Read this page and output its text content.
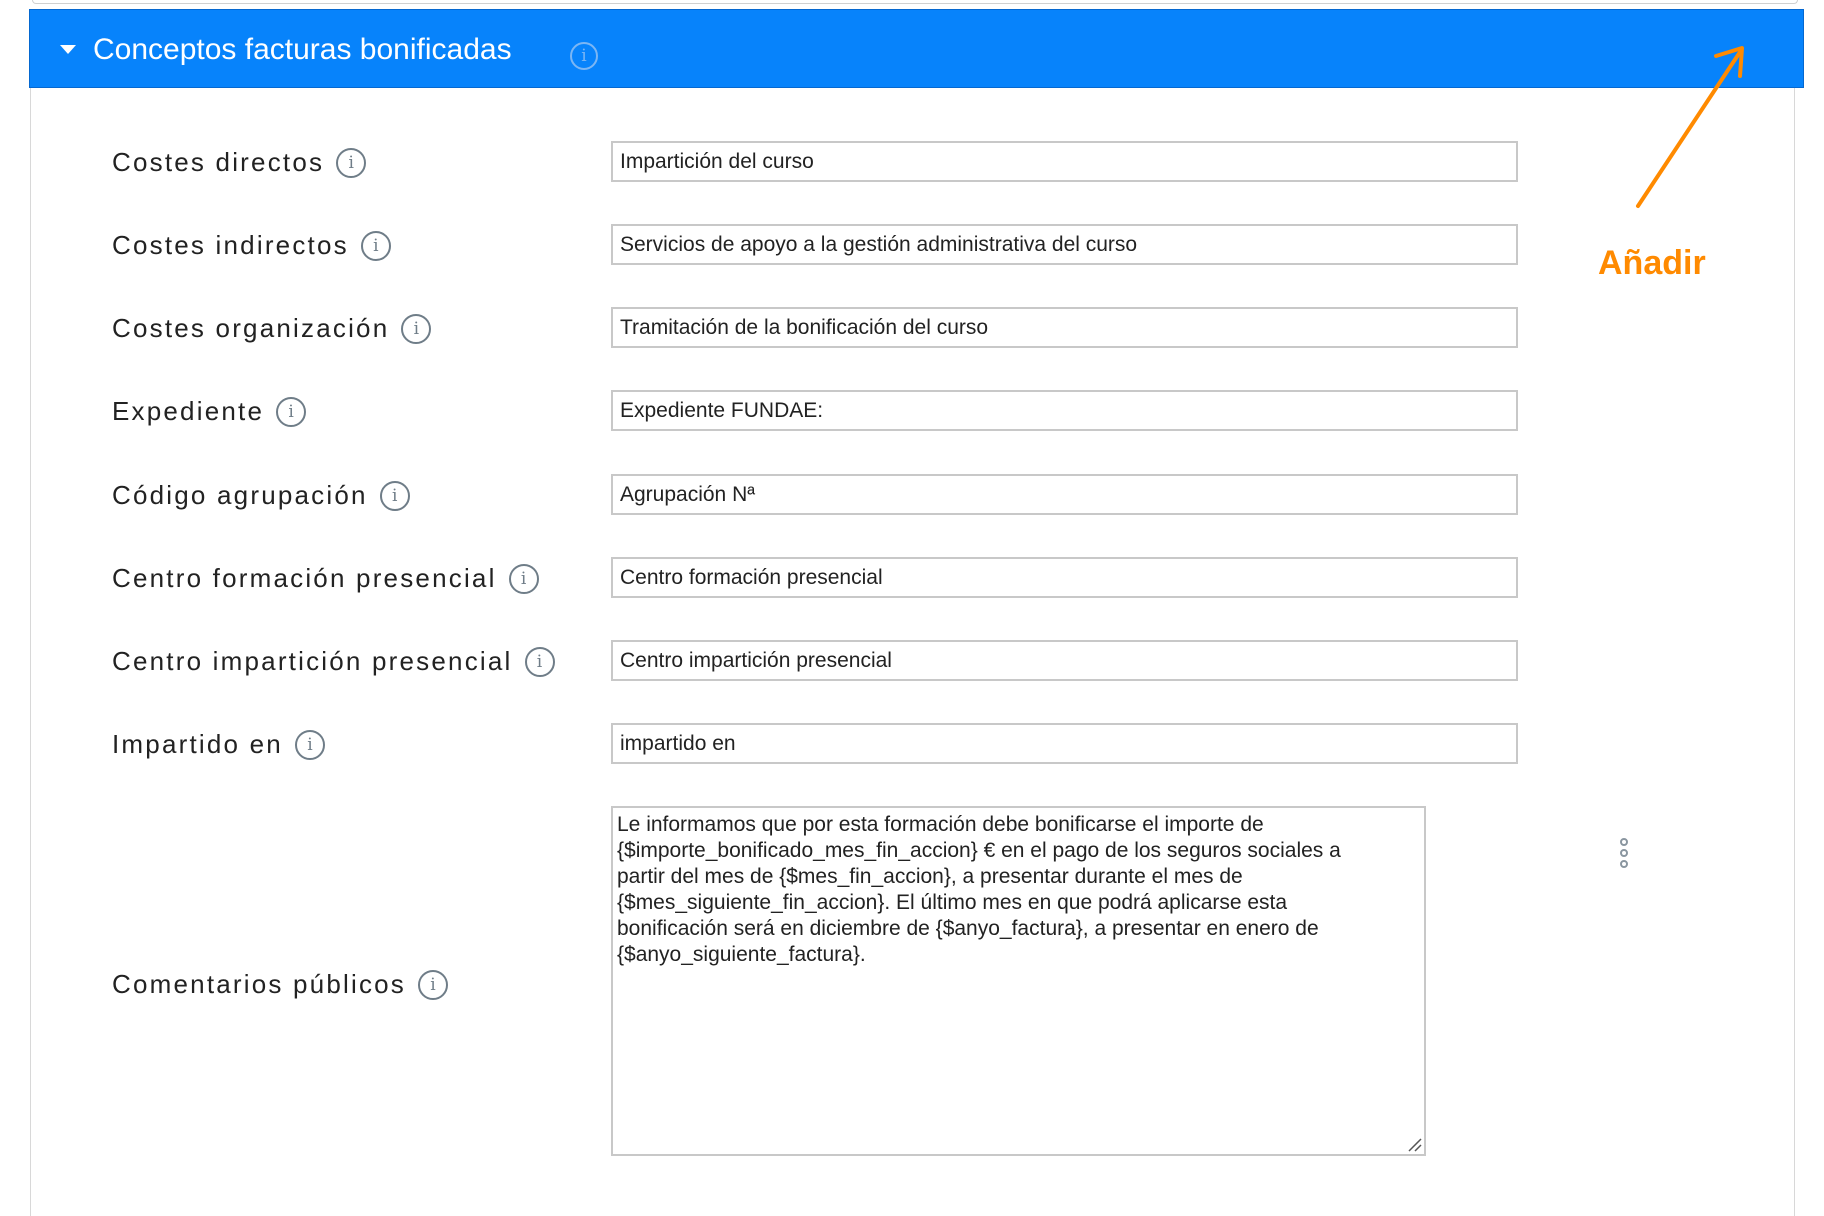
Conceptos facturas bonificadas	i
Costes directos	i	Impartición del curso
Costes indirectos	i	Servicios de apoyo a la gestión administrativa del curso
Costes organización	i	Tramitación de la bonificación del curso
Expediente	i	Expediente FUNDAE:
Código agrupación	i	Agrupación Nª
Centro formación presencial	i	Centro formación presencial
Centro impartición presencial	i	Centro impartición presencial
Impartido en	i	impartido en
Comentarios públicos	i

Le informamos que por esta formación debe bonificarse el importe de

{$importe_bonificado_mes_fin_accion} € en el pago de los seguros sociales a

partir del mes de {$mes_fin_accion}, a presentar durante el mes de

{$mes_siguiente_fin_accion}. El último mes en que podrá aplicarse esta

bonificación será en diciembre de {$anyo_factura}, a presentar en enero de

{$anyo_siguiente_factura}.

Añadir
